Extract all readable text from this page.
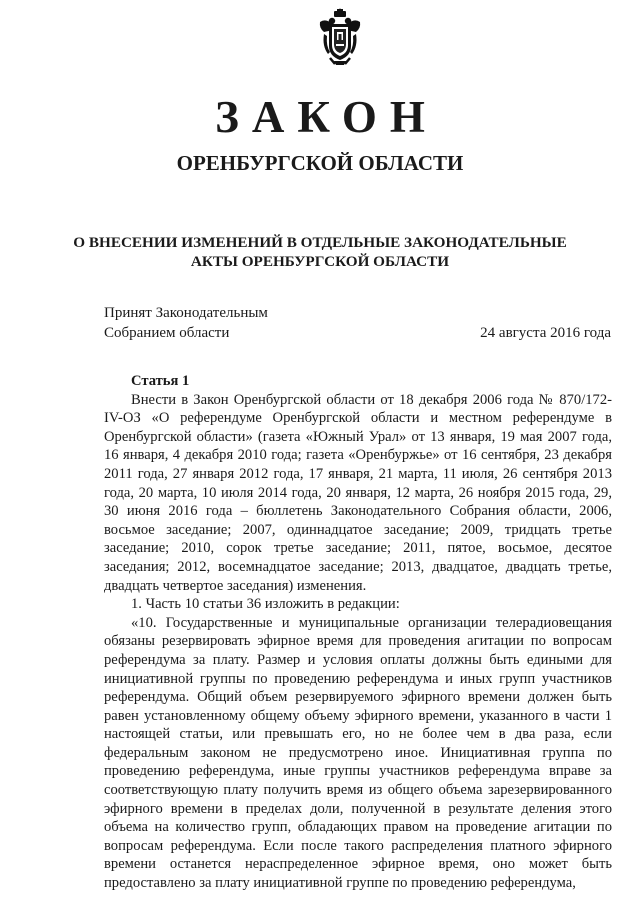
ЗАКОН
ОРЕНБУРГСКОЙ ОБЛАСТИ
О ВНЕСЕНИИ ИЗМЕНЕНИЙ В ОТДЕЛЬНЫЕ ЗАКОНОДАТЕЛЬНЫЕ
АКТЫ ОРЕНБУРГСКОЙ ОБЛАСТИ
Принят Законодательным
Собранием области	24 августа 2016 года

Статья 1

Внести в Закон Оренбургской области от 18 декабря 2006 года № 870/172-IV-ОЗ «О референдуме Оренбургской области и местном референдуме в Оренбургской области» (газета «Южный Урал» от 13 января, 19 мая 2007 года, 16 января, 4 декабря 2010 года; газета «Оренбуржье» от 16 сентября, 23 декабря 2011 года, 27 января 2012 года, 17 января, 21 марта, 11 июля, 26 сентября 2013 года, 20 марта, 10 июля 2014 года, 20 января, 12 марта, 26 ноября 2015 года, 29, 30 июня 2016 года – бюллетень Законодательного Собрания области, 2006, восьмое заседание; 2007, одиннадцатое заседание; 2009, тридцать третье заседание; 2010, сорок третье заседание; 2011, пятое, восьмое, десятое заседания; 2012, восемнадцатое заседание; 2013, двадцатое, двадцать третье, двадцать четвертое заседания) изменения.

1. Часть 10 статьи 36 изложить в редакции:

«10. Государственные и муниципальные организации телерадиовещания обязаны резервировать эфирное время для проведения агитации по вопросам референдума за плату. Размер и условия оплаты должны быть едиными для инициативной группы по проведению референдума и иных групп участников референдума. Общий объем резервируемого эфирного времени должен быть равен установленному общему объему эфирного времени, указанного в части 1 настоящей статьи, или превышать его, но не более чем в два раза, если федеральным законом не предусмотрено иное. Инициативная группа по проведению референдума, иные группы участников референдума вправе за соответствующую плату получить время из общего объема зарезервированного эфирного времени в пределах доли, полученной в результате деления этого объема на количество групп, обладающих правом на проведение агитации по вопросам референдума. Если после такого распределения платного эфирного времени останется нераспределенное эфирное время, оно может быть предоставлено за плату инициативной группе по проведению референдума,
